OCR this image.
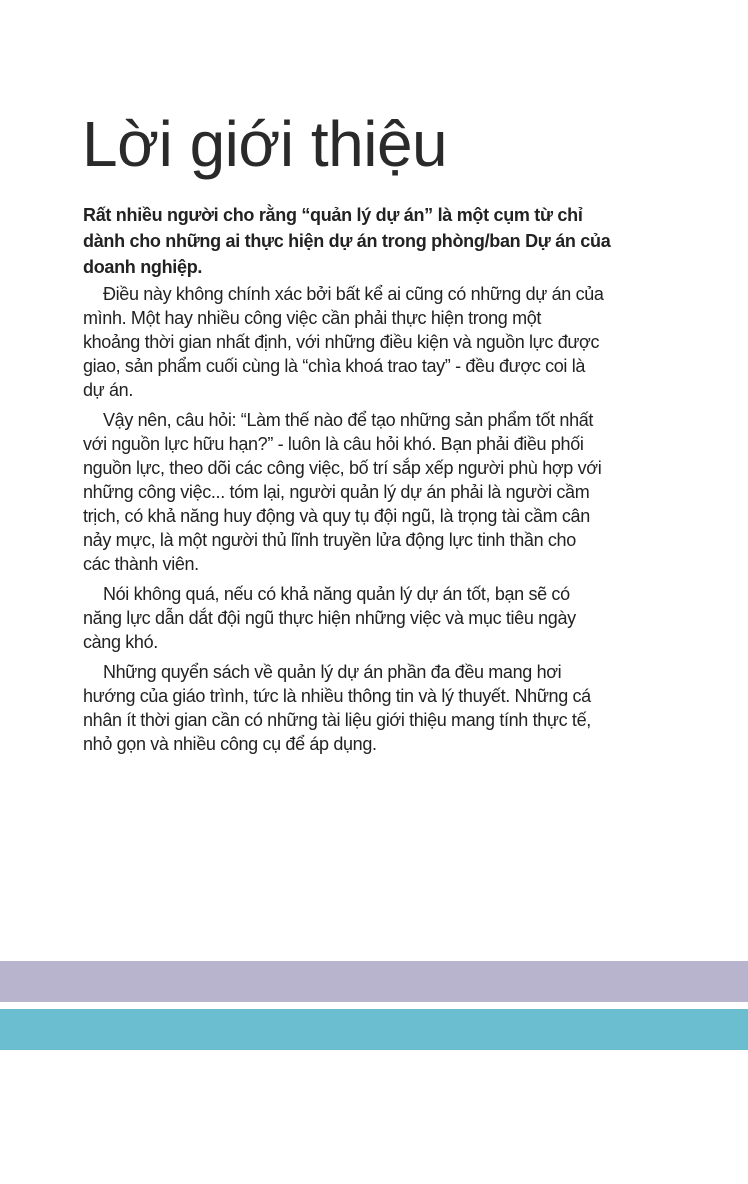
Lời giới thiệu

Rất nhiều người cho rằng “quản lý dự án” là một cụm từ chỉ
dành cho những ai thực hiện dự án trong phòng/ban Dự án của
doanh nghiệp.

Điều này không chính xác bởi bất kể ai cũng có những dự án của
mình. Một hay nhiều công việc cần phải thực hiện trong một
khoảng thời gian nhất định, với những điều kiện và nguồn lực được
giao, sản phẩm cuối cùng là “chìa khoá trao tay” - đều được coi là
dự án.

Vậy nên, câu hỏi: “Làm thế nào để tạo những sản phẩm tốt nhất
với nguồn lực hữu hạn?” - luôn là câu hỏi khó. Bạn phải điều phối
nguồn lực, theo dõi các công việc, bố trí sắp xếp người phù hợp với
những công việc... tóm lại, người quản lý dự án phải là người cầm
trịch, có khả năng huy động và quy tụ đội ngũ, là trọng tài cầm cân
nảy mực, là một người thủ lĩnh truyền lửa động lực tinh thần cho
các thành viên.

Nói không quá, nếu có khả năng quản lý dự án tốt, bạn sẽ có
năng lực dẫn dắt đội ngũ thực hiện những việc và mục tiêu ngày
càng khó.

Những quyển sách về quản lý dự án phần đa đều mang hơi
hướng của giáo trình, tức là nhiều thông tin và lý thuyết. Những cá
nhân ít thời gian cần có những tài liệu giới thiệu mang tính thực tế,
nhỏ gọn và nhiều công cụ để áp dụng.
